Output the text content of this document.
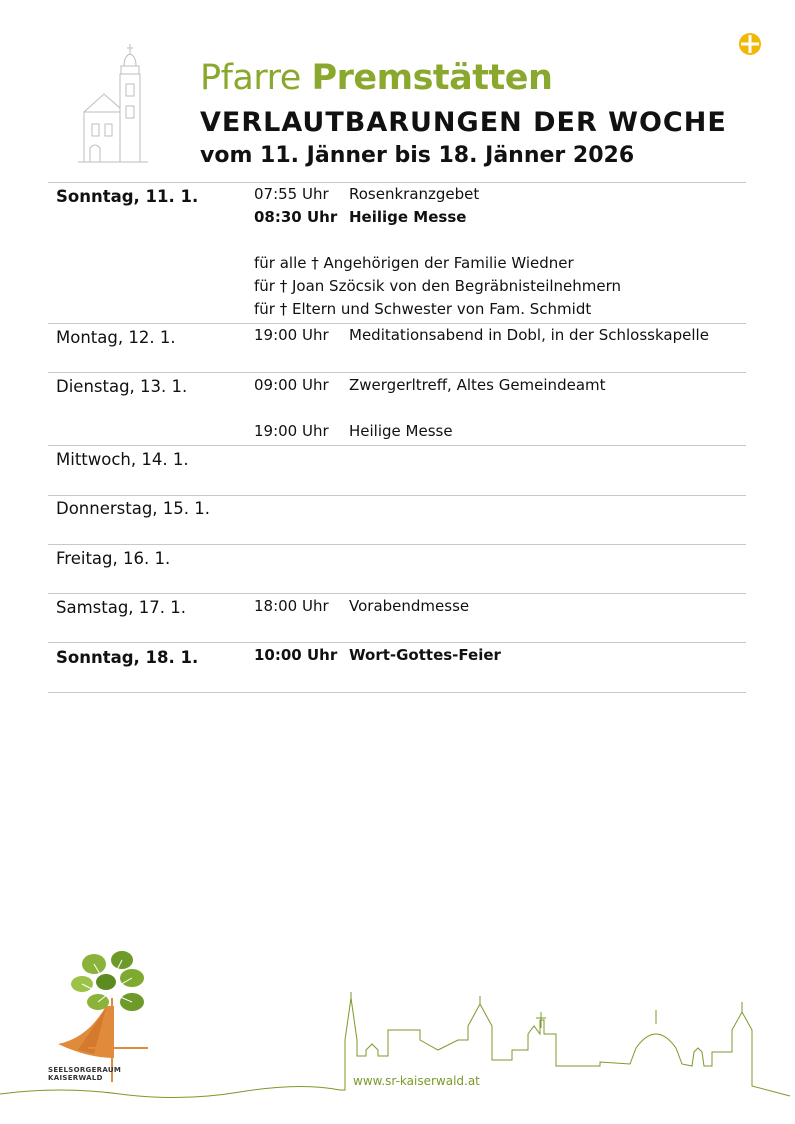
Pfarre Premstätten
VERLAUTBARUNGEN DER WOCHE
vom 11. Jänner bis 18. Jänner 2026
Sonntag, 11. 1.	07:55 Uhr Rosenkranzgebet
08:30 Uhr Heilige Messe
für alle † Angehörigen der Familie Wiedner
für † Joan Szöcsik von den Begräbnisteilnehmern
für † Eltern und Schwester von Fam. Schmidt
Montag, 12. 1.	19:00 Uhr Meditationsabend in Dobl, in der Schlosskapelle
Dienstag, 13. 1.	09:00 Uhr Zwergerltreff, Altes Gemeindeamt
19:00 Uhr Heilige Messe
Mittwoch, 14. 1.
Donnerstag, 15. 1.
Freitag, 16. 1.
Samstag, 17. 1.	18:00 Uhr Vorabendmesse
Sonntag, 18. 1.	10:00 Uhr Wort-Gottes-Feier
SEELSORGERAUM
KAISERWALD	www.sr-kaiserwald.at
